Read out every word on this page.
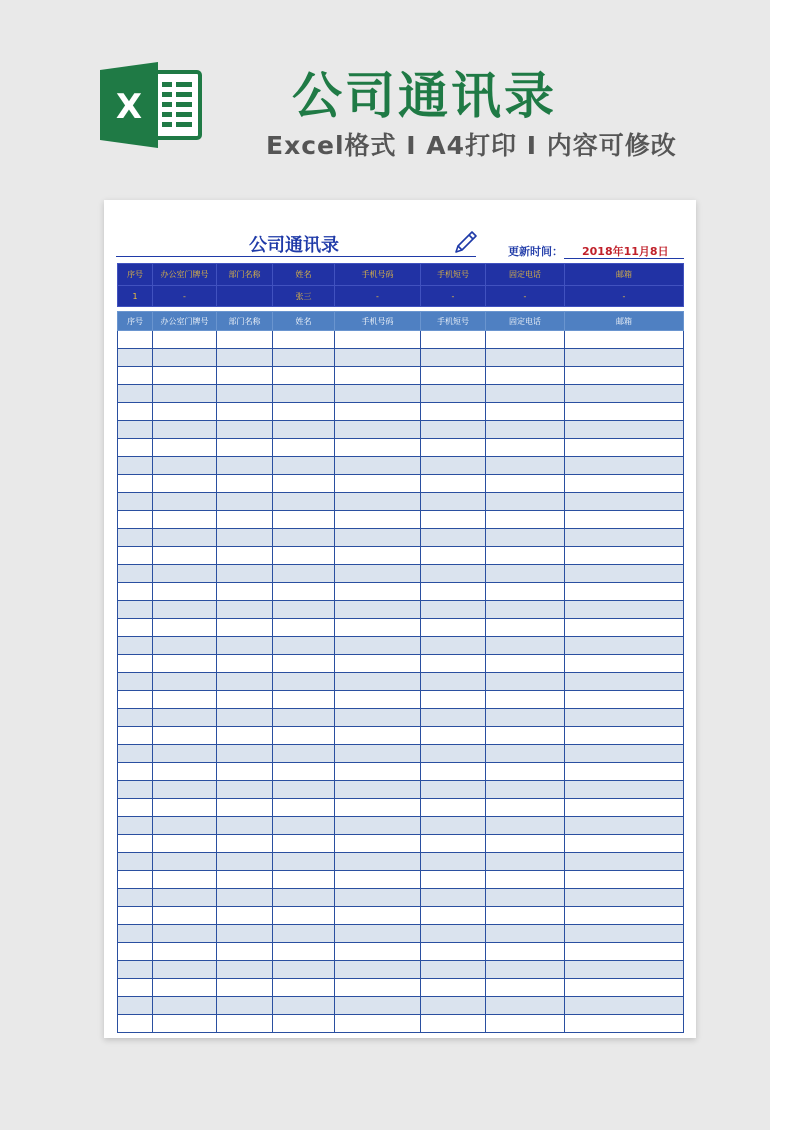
X	公司通讯录
Excel格式 I A4打印 I 内容可修改
公司通讯录	更新时间： 2018年11月8日
序号	办公室门牌号	部门名称	姓名	手机号码	手机短号	固定电话	邮箱
1	-		张三	-	-	-	-
序号	办公室门牌号	部门名称	姓名	手机号码	手机短号	固定电话	邮箱
